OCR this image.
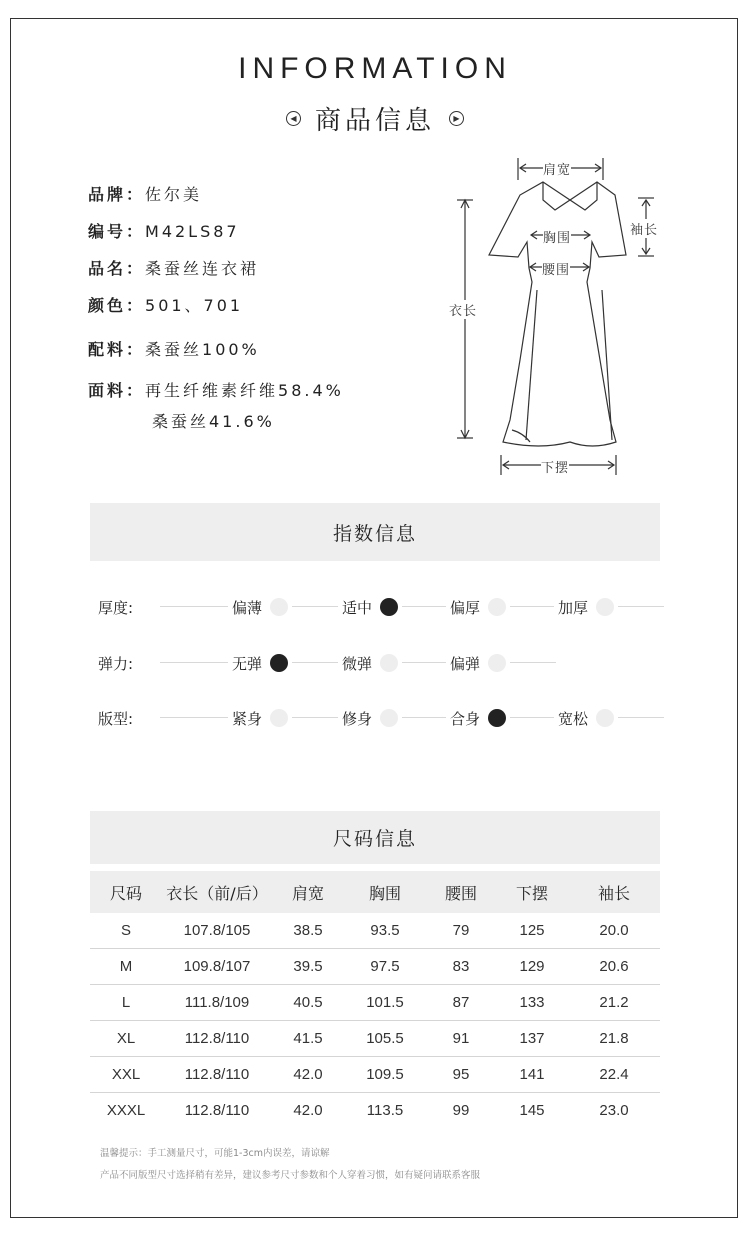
INFORMATION
◀ 商品信息	▶
品牌：佐尔美
编号：M42LS87
品名：桑蚕丝连衣裙
颜色：501、701
配料：桑蚕丝100%
面料：再生纤维素纤维58.4%
桑蚕丝41.6%
肩宽
胸围
腰围
袖长
衣长
下摆
指数信息
厚度:	偏薄	适中	偏厚	加厚
弹力:	无弹	微弹	偏弹
版型:	紧身	修身	合身	宽松
尺码信息
尺码	衣长（前/后）	肩宽	胸围	腰围	下摆	袖长
S	107.8/105	38.5	93.5	79	125	20.0
M	109.8/107	39.5	97.5	83	129	20.6
L	111.8/109	40.5	101.5	87	133	21.2
XL	112.8/110	41.5	105.5	91	137	21.8
XXL	112.8/110	42.0	109.5	95	141	22.4
XXXL	112.8/110	42.0	113.5	99	145	23.0
温馨提示：手工测量尺寸，可能1-3cm内误差，请谅解
产品不同版型尺寸选择稍有差异，建议参考尺寸参数和个人穿着习惯，如有疑问请联系客服
